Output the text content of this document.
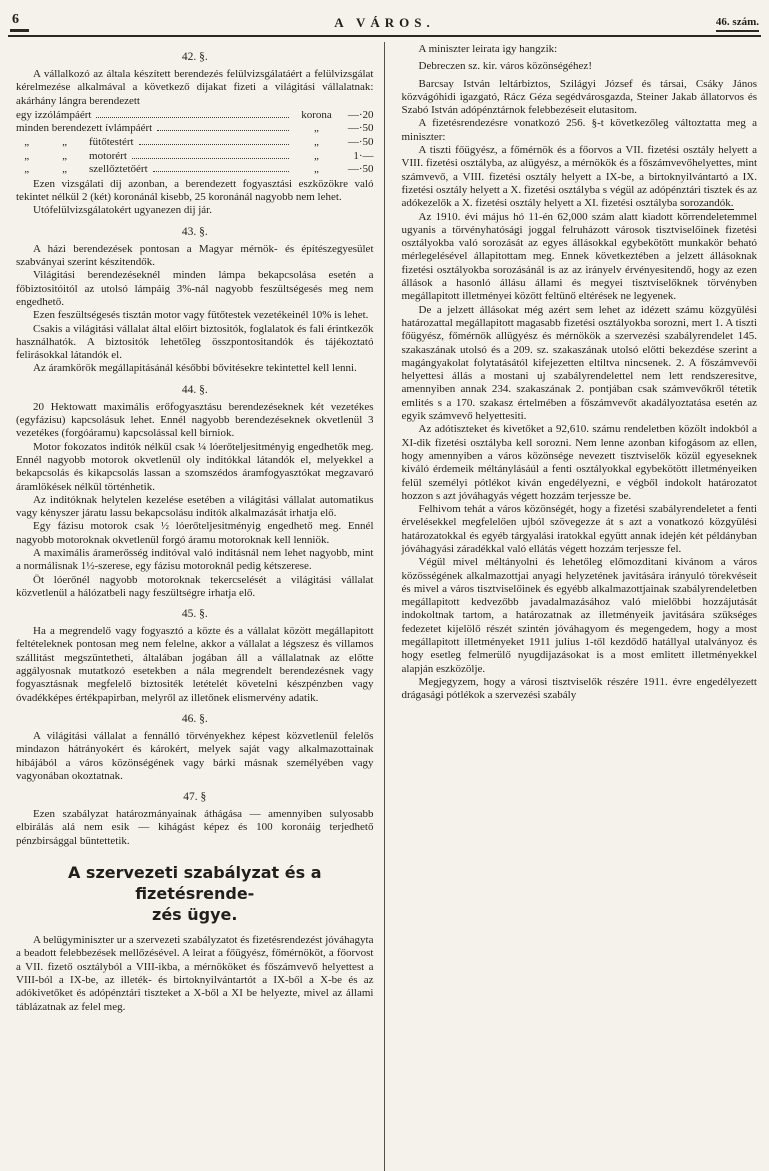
6	A VÁROS.	46. szám.
42. §.

A vállalkozó az általa készített berendezés felülvizsgálatáért a felülvizsgálat kérelmezése alkalmával a következő dijakat fizeti a világitási vállalatnak: akárhány lángra berendezett

egy izzólámpáért	korona	—·20
minden berendezett ívlámpáért	„	—·50
„            „        fütőtestért	„	—·50
„            „        motorért	„	1·—
„            „        szellőztetőért	„	—·50

Ezen vizsgálati dij azonban, a berendezett fogyasztási eszközökre való tekintet nélkül 2 (két) koronánál kisebb, 25 koronánál nagyobb nem lehet.

Utófelülvizsgálatokért ugyanezen dij jár.

43. §.

A házi berendezések pontosan a Magyar mérnök- és építészegyesület szabványai szerint készitendők.

Világitási berendezéseknél minden lámpa bekapcsolása esetén a főbiztositóitól az utolsó lámpáig 3%-nál nagyobb feszültségesés meg nem engedhető.

Ezen feszültségesés tisztán motor vagy fütőtestek vezetékeinél 10% is lehet.

Csakis a világitási vállalat által előirt biztositók, foglalatok és fali érintkezők használhatók. A biztositók lehetőleg összpontositandók és tájékoztató felirásokkal látandók el.

Az áramkörök megállapitásánál későbbi bővitésekre tekintettel kell lenni.

44. §.

20 Hektowatt maximális erőfogyasztásu berendezéseknek két vezetékes (egyfázisu) kapcsolásuk lehet. Ennél nagyobb berendezéseknek okvetlenül 3 vezetékes (forgóáramu) kapcsolással kell birniok.

Motor fokozatos inditók nélkül csak ¼ lóerőteljesitményig engedhetők meg. Ennél nagyobb motorok okvetlenül oly inditókkal látandók el, melyekkel a bekapcsolás és kikapcsolás lassan a szomszédos áramfogyasztókat megzavaró áramlökések nélkül történhetik.

Az inditóknak helytelen kezelése esetében a világitási vállalat automatikus vagy kényszer járatu lassu bekapcsolásu inditók alkalmazását irhatja elő.

Egy fázisu motorok csak ½ lóerőteljesitményig engedhető meg. Ennél nagyobb motoroknak okvetlenül forgó áramu motoroknak kell lenniök.

A maximális áramerősség inditóval való inditásnál nem lehet nagyobb, mint a normálisnak 1½-szerese, egy fázisu motoroknál pedig kétszerese.

Öt lóerőnél nagyobb motoroknak tekercselését a világitási vállalat közvetlenül a hálózatbeli nagy feszültségre irhatja elő.

45. §.

Ha a megrendelő vagy fogyasztó a közte és a vállalat között megállapitott feltételeknek pontosan meg nem felelne, akkor a vállalat a légszesz és villamos szállitást megszüntetheti, általában jogában áll a vállalatnak az előtte aggályosnak mutatkozó esetekben a nála megrendelt berendezésnek vagy fogyasztásnak megfelelő biztositék letételét követelni készpénzben vagy óvadékképes értékpapirban, melyről az illetőnek elismervény adatik.

46. §.

A világitási vállalat a fennálló törvényekhez képest közvetlenül felelős mindazon hátrányokért és károkért, melyek saját vagy alkalmazottainak hibájából a város közönségének vagy bárki másnak személyében vagy vagyonában okoztatnak.

47. §

Ezen szabályzat határozmányainak áthágása — amennyiben sulyosabb elbirálás alá nem esik — kihágást képez és 100 koronáig terjedhető pénzbirsággal büntettetik.

A szervezeti szabályzat és a fizetésrende-
zés ügye.

A belügyminiszter ur a szervezeti szabályzatot és fizetésrendezést jóváhagyta a beadott felebbezések mellőzésével. A leirat a főügyész, főmérnököt, a főorvost a VII. fizető osztályból a VIII-ikba, a mérnököket és főszámvevő helyettest a VIII-ból a IX-be, az illeték- és birtoknyilvántartót a IX-ből a X-be és az adókivetőket és adópénztári tiszteket a X-ből a XI be helyezte, mivel az állami táblázatnak az felel meg.

A miniszter leirata igy hangzik:

Debreczen sz. kir. város közönségéhez!

Barcsay István leltárbiztos, Szilágyi József és társai, Csáky János közvágóhidi igazgató, Rácz Géza segédvárosgazda, Steiner Jakab állatorvos és Szabó István adópénztárnok felebbezéseit elutasitom.

A fizetésrendezésre vonatkozó 256. §-t következőleg változtatta meg a miniszter:

A tiszti főügyész, a főmérnök és a főorvos a VII. fizetési osztály helyett a VIII. fizetési osztályba, az alügyész, a mérnökök és a főszámvevőhelyettes, mint számvevő, a VIII. fizetési osztály helyett a IX-be, a birtoknyilvántartó a IX. fizetési osztály helyett a X. fizetési osztályba s végül az adópénztári tisztek és az adókezelők a X. fizetési osztály helyett a XI. fizetési osztályba sorozandók.

Az 1910. évi május hó 11-én 62,000 szám alatt kiadott körrendeletemmel ugyanis a törvényhatósági joggal felruházott városok tisztviselőinek fizetési osztályokba való sorozását az egyes állásokkal egybekötött munkakör beható mérlegelésével állapitottam meg. Ennek következtében a jelzett állásoknak fizetési osztályokba sorozásánál is az az irányelv érvényesitendő, hogy az ezen állások a hasonló állásu állami és megyei tisztviselőknek törvényben megállapitott illetményei között feltünő eltérések ne legyenek.

De a jelzett állásokat még azért sem lehet az idézett számu közgyülési határozattal megállapitott magasabb fizetési osztályokba sorozni, mert 1. A tiszti főügyész, főmérnök allügyész és mérnökök a szervezési szabályrendelet 145. szakaszának utolsó és a 209. sz. szakaszának utolsó előtti bekezdése szerint a magángyakolat folytatásától kifejezetten eltiltva nincsenek. 2. A főszámvevői helyettesi állás a mostani uj szabályrendelettel nem lett rendszeresitve, amennyiben annak 234. szakaszának 2. pontjában csak számvevőkről tétetik emlités s a 170. szakasz értelmében a főszámvevőt akadályoztatása esetén az egyik számvevő helyettesiti.

Az adótiszteket és kivetőket a 92,610. számu rendeletben közölt indokból a XI-dik fizetési osztályba kell sorozni. Nem lenne azonban kifogásom az ellen, hogy amennyiben a város közönsége nevezett tisztviselők közül egyeseknek kiváló érdemeik méltánylásáúl a fenti osztályokkal egybekötött illetményeiken felül személyi pótlékot kiván engedélyezni, e végből indokolt határozatot hozzon s azt jóváhagyás végett hozzám terjessze be.

Felhivom tehát a város közönségét, hogy a fizetési szabályrendeletet a fenti érvelésekkel megfelelően ujból szövegezze át s azt a vonatkozó közgyülési határozatokkal és egyéb tárgyalási iratokkal együtt annak idején két példányban jóváhagyási záradékkal való ellátás végett hozzám terjessze fel.

Végül mivel méltányolni és lehetőleg előmozditani kivánom a város közösségének alkalmazottjai anyagi helyzetének javitására irányuló törekvéseit és mivel a város tisztviselőinek és egyébb alkalmazottjainak szabályrendeletben megállapitott kedvezőbb javadalmazásához való mielőbbi hozzájutását indokoltnak tartom, a határozatnak az illetményeik javitására szükséges fedezetet kijelölő részét szintén jóváhagyom és megengedem, hogy a most megállapitott illetményeket 1911 julius 1-től kezdődő hatállyal utalványoz és hogy esetleg felmerülő nyugdijazásokat is a most emlitett illetményekkel alapján eszközölje.

Megjegyzem, hogy a városi tisztviselők részére 1911. évre engedélyezett drágasági pótlékok a szervezési szabály
